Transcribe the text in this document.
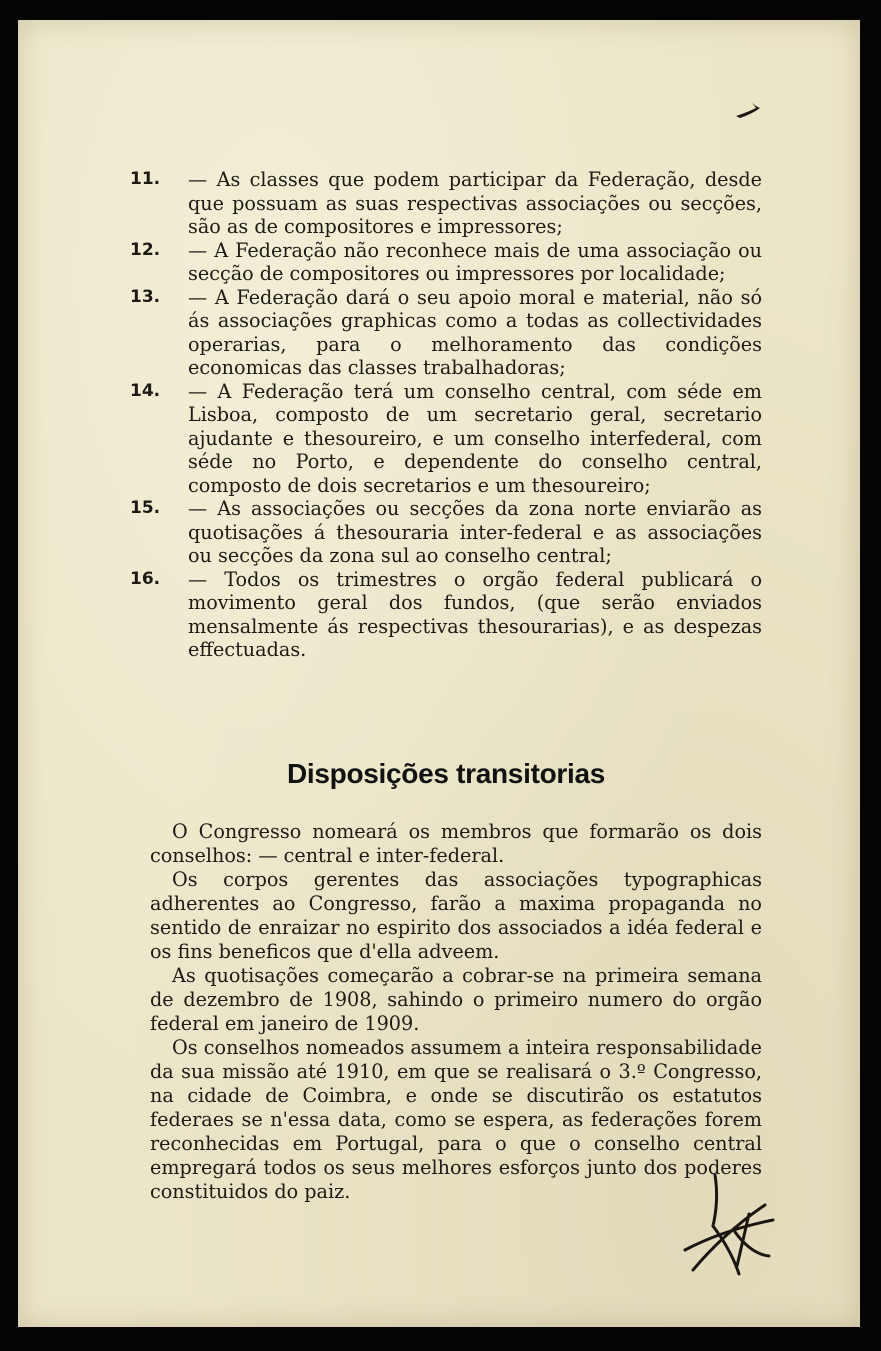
11. — As classes que podem participar da Federação, desde que possuam as suas respectivas associações ou secções, são as de compositores e impressores;

12. — A Federação não reconhece mais de uma associação ou secção de compositores ou impressores por localidade;

13. — A Federação dará o seu apoio moral e material, não só ás associações graphicas como a todas as collectividades operarias, para o melhoramento das condições economicas das classes trabalhadoras;

14. — A Federação terá um conselho central, com séde em Lisboa, composto de um secretario geral, secretario ajudante e thesoureiro, e um conselho interfederal, com séde no Porto, e dependente do conselho central, composto de dois secretarios e um thesoureiro;

15. — As associações ou secções da zona norte enviarão as quotisações á thesouraria inter-federal e as associações ou secções da zona sul ao conselho central;

16. — Todos os trimestres o orgão federal publicará o movimento geral dos fundos, (que serão enviados mensalmente ás respectivas thesourarias), e as despezas effectuadas.

Disposições transitorias

O Congresso nomeará os membros que formarão os dois conselhos: — central e inter-federal.

Os corpos gerentes das associações typographicas adherentes ao Congresso, farão a maxima propaganda no sentido de enraizar no espirito dos associados a idéa federal e os fins beneficos que d'ella adveem.

As quotisações começarão a cobrar-se na primeira semana de dezembro de 1908, sahindo o primeiro numero do orgão federal em janeiro de 1909.

Os conselhos nomeados assumem a inteira responsabilidade da sua missão até 1910, em que se realisará o 3.º Congresso, na cidade de Coimbra, e onde se discutirão os estatutos federaes se n'essa data, como se espera, as federações forem reconhecidas em Portugal, para o que o conselho central empregará todos os seus melhores esforços junto dos poderes constituidos do paiz.
